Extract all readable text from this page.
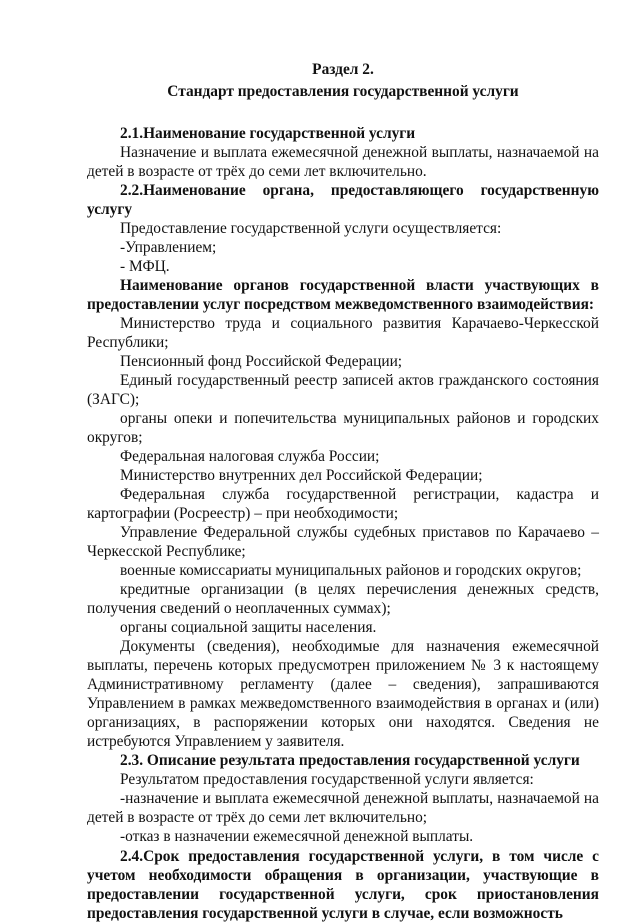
Раздел 2.

Стандарт предоставления государственной услуги

2.1.Наименование государственной услуги

Назначение и выплата ежемесячной денежной выплаты, назначаемой на детей в возрасте от трёх до семи лет включительно.

2.2.Наименование органа, предоставляющего государственную услугу

Предоставление государственной услуги осуществляется:

-Управлением;

- МФЦ.

Наименование органов государственной власти участвующих в предоставлении услуг посредством межведомственного взаимодействия:

Министерство труда и социального развития Карачаево-Черкесской Республики;

Пенсионный фонд Российской Федерации;

Единый государственный реестр записей актов гражданского состояния (ЗАГС);

органы опеки и попечительства муниципальных районов и городских округов;

Федеральная налоговая служба России;

Министерство внутренних дел Российской Федерации;

Федеральная служба государственной регистрации, кадастра и картографии (Росреестр) – при необходимости;

Управление Федеральной службы судебных приставов по Карачаево – Черкесской Республике;

военные комиссариаты муниципальных районов и городских округов;

кредитные организации (в целях перечисления денежных средств, получения сведений о неоплаченных суммах);

органы социальной защиты населения.

Документы (сведения), необходимые для назначения ежемесячной выплаты, перечень которых предусмотрен приложением № 3 к настоящему Административному регламенту (далее – сведения), запрашиваются Управлением в рамках межведомственного взаимодействия в органах и (или) организациях, в распоряжении которых они находятся. Сведения не истребуются Управлением у заявителя.

2.3. Описание результата предоставления государственной услуги

Результатом предоставления государственной услуги является:

-назначение и выплата ежемесячной денежной выплаты, назначаемой на детей в возрасте от трёх до семи лет включительно;

-отказ в назначении ежемесячной денежной выплаты.

2.4.Срок предоставления государственной услуги, в том числе с учетом необходимости обращения в организации, участвующие в предоставлении государственной услуги, срок приостановления предоставления государственной услуги в случае, если возможность
